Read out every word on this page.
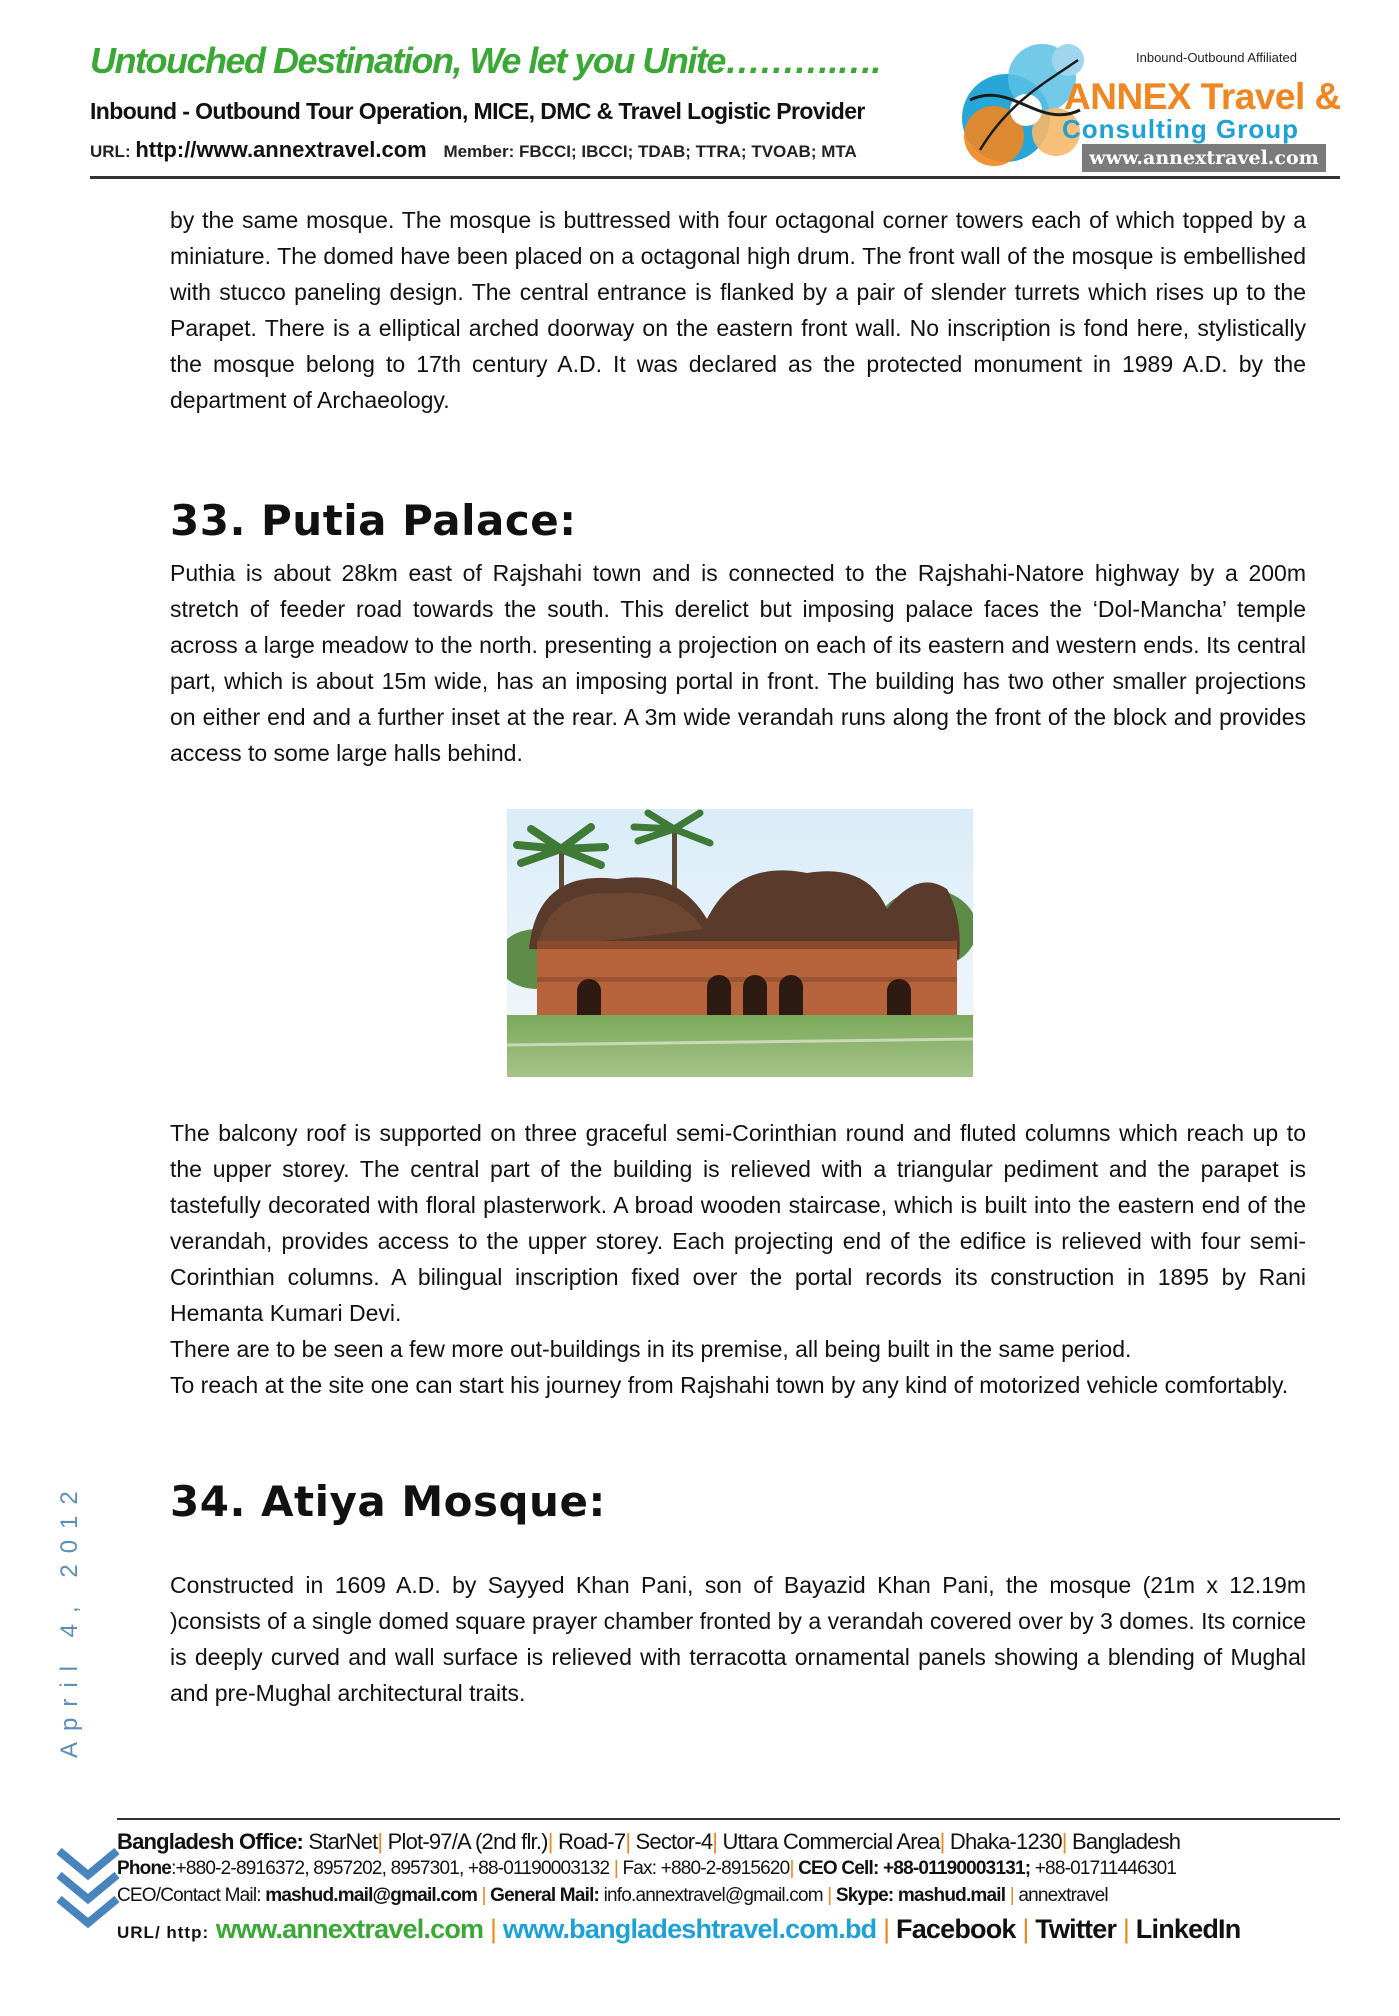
Untouched Destination, We let you Unite……….….
Inbound - Outbound Tour Operation, MICE, DMC & Travel Logistic Provider
URL: http://www.annextravel.com Member: FBCCI; IBCCI; TDAB; TTRA; TVOAB; MTA
Inbound-Outbound Affiliated
ANNEX Travel &
Consulting Group
www.annextravel.com

by the same mosque. The mosque is buttressed with four octagonal corner towers each of which topped by a miniature. The domed have been placed on a octagonal high drum. The front wall of the mosque is embellished with stucco paneling design. The central entrance is flanked by a pair of slender turrets which rises up to the Parapet. There is a elliptical arched doorway on the eastern front wall. No inscription is fond here, stylistically the mosque belong to 17th century A.D. It was declared as the protected monument in 1989 A.D. by the department of Archaeology.

33. Putia Palace:

Puthia is about 28km east of Rajshahi town and is connected to the Rajshahi-Natore highway by a 200m stretch of feeder road towards the south. This derelict but imposing palace faces the ‘Dol-Mancha’ temple across a large meadow to the north. presenting a projection on each of its eastern and western ends. Its central part, which is about 15m wide, has an imposing portal in front. The building has two other smaller projections on either end and a further inset at the rear. A 3m wide verandah runs along the front of the block and provides access to some large halls behind.

The balcony roof is supported on three graceful semi-Corinthian round and fluted columns which reach up to the upper storey. The central part of the building is relieved with a triangular pediment and the parapet is tastefully decorated with floral plasterwork. A broad wooden staircase, which is built into the eastern end of the verandah, provides access to the upper storey. Each projecting end of the edifice is relieved with four semi-Corinthian columns. A bilingual inscription fixed over the portal records its construction in 1895 by Rani Hemanta Kumari Devi.

There are to be seen a few more out-buildings in its premise, all being built in the same period.

To reach at the site one can start his journey from Rajshahi town by any kind of motorized vehicle comfortably.

34. Atiya Mosque:

Constructed in 1609 A.D. by Sayyed Khan Pani, son of Bayazid Khan Pani, the mosque (21m x 12.19m )consists of a single domed square prayer chamber fronted by a verandah covered over by 3 domes. Its cornice is deeply curved and wall surface is relieved with terracotta ornamental panels showing a blending of Mughal and pre-Mughal architectural traits.

April 4, 2012
Bangladesh Office: StarNet| Plot-97/A (2nd flr.)| Road-7| Sector-4| Uttara Commercial Area| Dhaka-1230| Bangladesh
Phone:+880-2-8916372, 8957202, 8957301, +88-01190003132 | Fax: +880-2-8915620| CEO Cell: +88-01190003131; +88-01711446301
CEO/Contact Mail: mashud.mail@gmail.com | General Mail: info.annextravel@gmail.com | Skype: mashud.mail | annextravel
URL/ http: www.annextravel.com | www.bangladeshtravel.com.bd | Facebook | Twitter | LinkedIn
